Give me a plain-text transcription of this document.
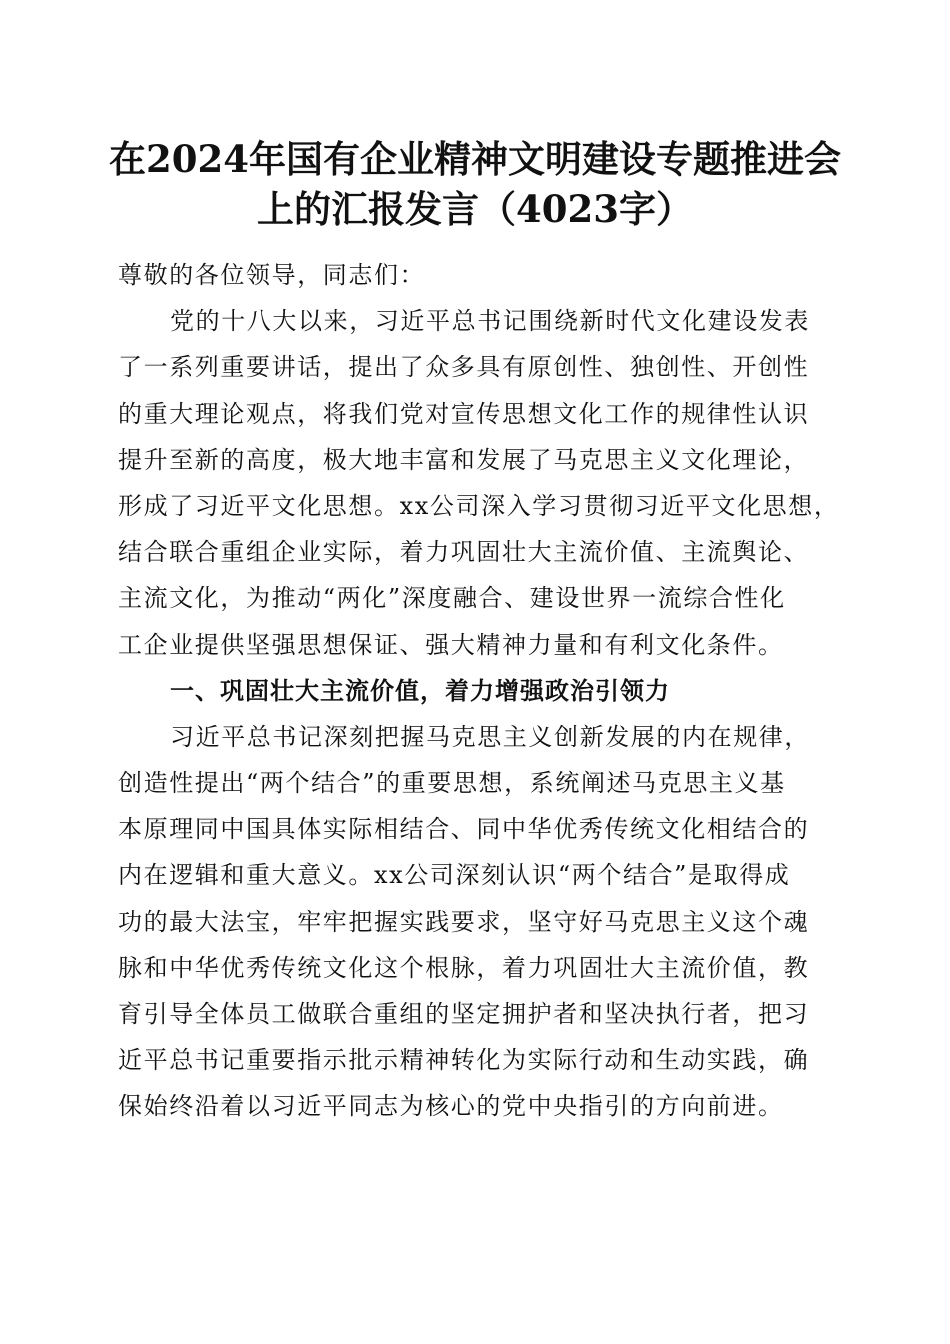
在2024年国有企业精神文明建设专题推进会
上的汇报发言（4023字）
尊敬的各位领导，同志们：
党的十八大以来，习近平总书记围绕新时代文化建设发表
了一系列重要讲话，提出了众多具有原创性、独创性、开创性
的重大理论观点，将我们党对宣传思想文化工作的规律性认识
提升至新的高度，极大地丰富和发展了马克思主义文化理论，
形成了习近平文化思想。xx公司深入学习贯彻习近平文化思想，
结合联合重组企业实际，着力巩固壮大主流价值、主流舆论、
主流文化，为推动“两化”深度融合、建设世界一流综合性化
工企业提供坚强思想保证、强大精神力量和有利文化条件。
一、巩固壮大主流价值，着力增强政治引领力
习近平总书记深刻把握马克思主义创新发展的内在规律，
创造性提出“两个结合”的重要思想，系统阐述马克思主义基
本原理同中国具体实际相结合、同中华优秀传统文化相结合的
内在逻辑和重大意义。xx公司深刻认识“两个结合”是取得成
功的最大法宝，牢牢把握实践要求，坚守好马克思主义这个魂
脉和中华优秀传统文化这个根脉，着力巩固壮大主流价值，教
育引导全体员工做联合重组的坚定拥护者和坚决执行者，把习
近平总书记重要指示批示精神转化为实际行动和生动实践，确
保始终沿着以习近平同志为核心的党中央指引的方向前进。
